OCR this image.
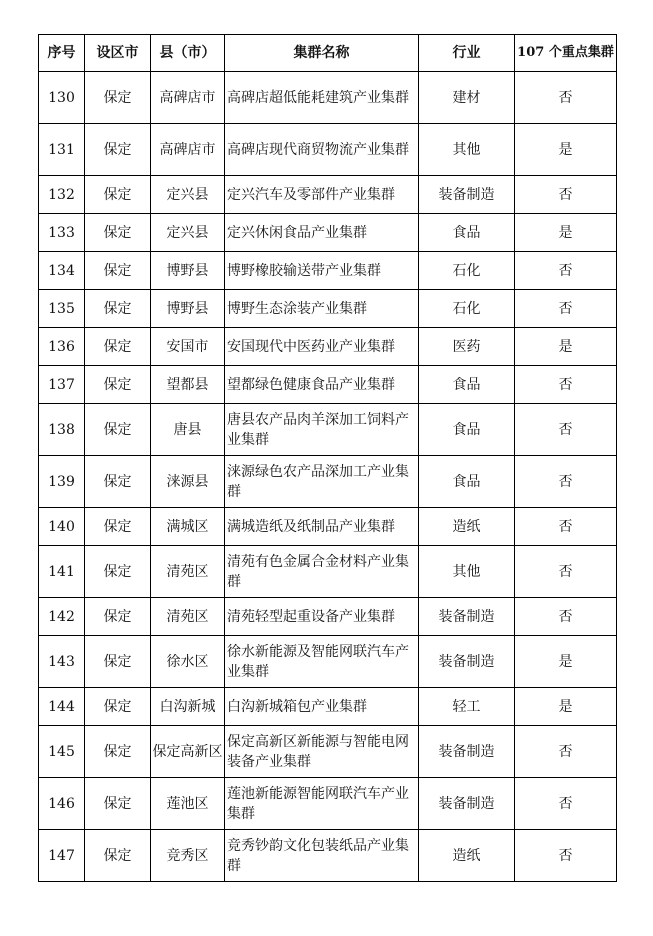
序号	设区市	县（市）	集群名称	行业	107 个重点集群
130	保定	高碑店市	高碑店超低能耗建筑产业集群	建材	否
131	保定	高碑店市	高碑店现代商贸物流产业集群	其他	是
132	保定	定兴县	定兴汽车及零部件产业集群	装备制造	否
133	保定	定兴县	定兴休闲食品产业集群	食品	是
134	保定	博野县	博野橡胶输送带产业集群	石化	否
135	保定	博野县	博野生态涂装产业集群	石化	否
136	保定	安国市	安国现代中医药业产业集群	医药	是
137	保定	望都县	望都绿色健康食品产业集群	食品	否
138	保定	唐县	唐县农产品肉羊深加工饲料产业集群	食品	否
139	保定	涞源县	涞源绿色农产品深加工产业集群	食品	否
140	保定	满城区	满城造纸及纸制品产业集群	造纸	否
141	保定	清苑区	清苑有色金属合金材料产业集群	其他	否
142	保定	清苑区	清苑轻型起重设备产业集群	装备制造	否
143	保定	徐水区	徐水新能源及智能网联汽车产业集群	装备制造	是
144	保定	白沟新城	白沟新城箱包产业集群	轻工	是
145	保定	保定高新区	保定高新区新能源与智能电网装备产业集群	装备制造	否
146	保定	莲池区	莲池新能源智能网联汽车产业集群	装备制造	否
147	保定	竞秀区	竞秀钞韵文化包装纸品产业集群	造纸	否
